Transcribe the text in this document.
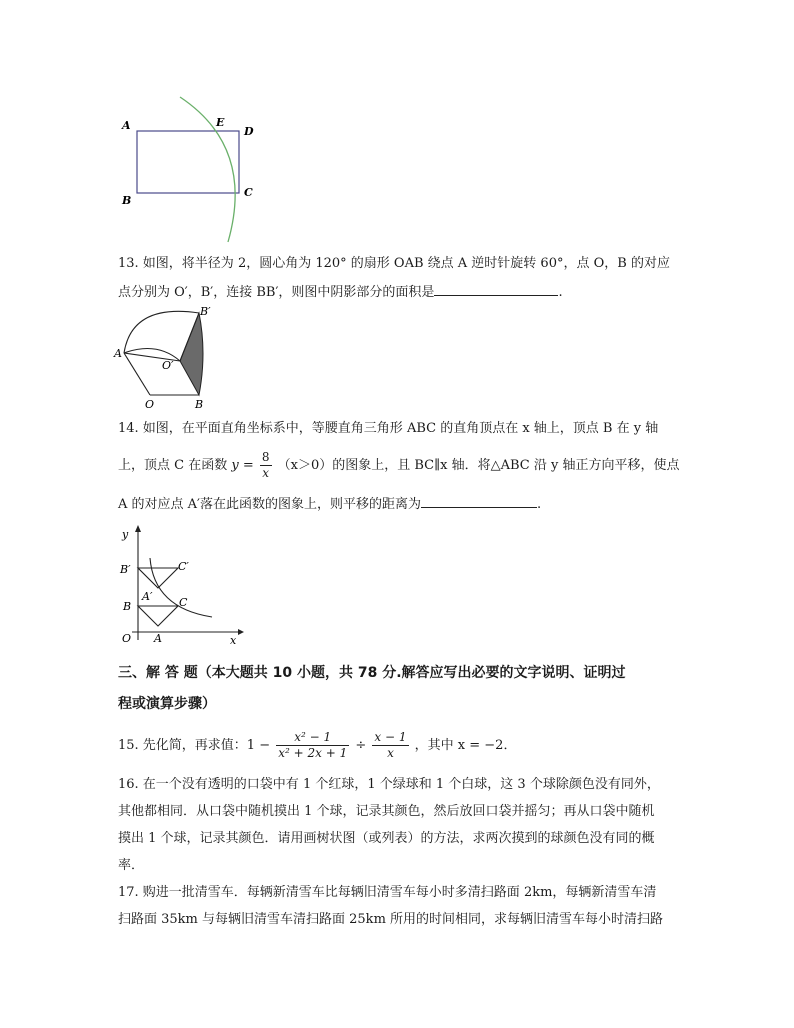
A
B
C
D
E
13. 如图，将半径为 2，圆心角为 120° 的扇形 OAB 绕点 A 逆时针旋转 60°，点 O，B 的对应
点分别为 O′，B′，连接 BB′，则图中阴影部分的面积是	.
A
O	B
O′
B′
14. 如图，在平面直角坐标系中，等腰直角三角形 ABC 的直角顶点在 x 轴上，顶点 B 在 y 轴
上，顶点 C 在函数 $y = \frac{8}{x} (x>0)$的图象上，且 BC∥x 轴．将△ABC 沿 y 轴正方向平移，使点
A 的对应点 A′落在此函数的图象上，则平移的距离为	.
y
x
O A
B	C
A′
B′	C′
三、解 答 题（本大题共 10 小题，共 78 分.解答应写出必要的文字说明、证明过
程或演算步骤）
15. 先化简，再求值：$1 - \frac{\text{x² − 1}}{\text{x² + 2x + 1}} \div \frac{x - 1}{x}$ ，其中 x = −2．
16. 在一个没有透明的口袋中有 1 个红球，1 个绿球和 1 个白球，这 3 个球除颜色没有同外，
其他都相同．从口袋中随机摸出 1 个球，记录其颜色，然后放回口袋并摇匀；再从口袋中随机
摸出 1 个球，记录其颜色．请用画树状图（或列表）的方法，求两次摸到的球颜色没有同的概
率．
17. 购进一批清雪车．每辆新清雪车比每辆旧清雪车每小时多清扫路面 2km，每辆新清雪车清
扫路面 35km 与每辆旧清雪车清扫路面 25km 所用的时间相同，求每辆旧清雪车每小时清扫路
